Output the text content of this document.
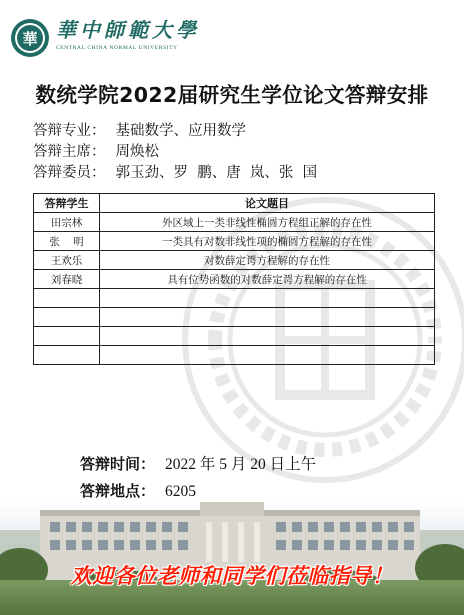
華 華中師範大學
CENTRAL CHINA NORMAL UNIVERSITY
数统学院2022届研究生学位论文答辩安排
答辩专业： 基础数学、应用数学
答辩主席： 周焕松
答辩委员： 郭玉劲、罗  鹏、唐  岚、张  国
答辩学生	论文题目
田宗林	外区域上一类非线性椭圆方程组正解的存在性
张    明	一类具有对数非线性项的椭圆方程解的存在性
王欢乐	对数薛定谔方程解的存在性
刘春晓	具有位势函数的对数薛定谔方程解的存在性

答辩时间： 2022 年 5 月 20 日上午
答辩地点： 6205
欢迎各位老师和同学们莅临指导！
